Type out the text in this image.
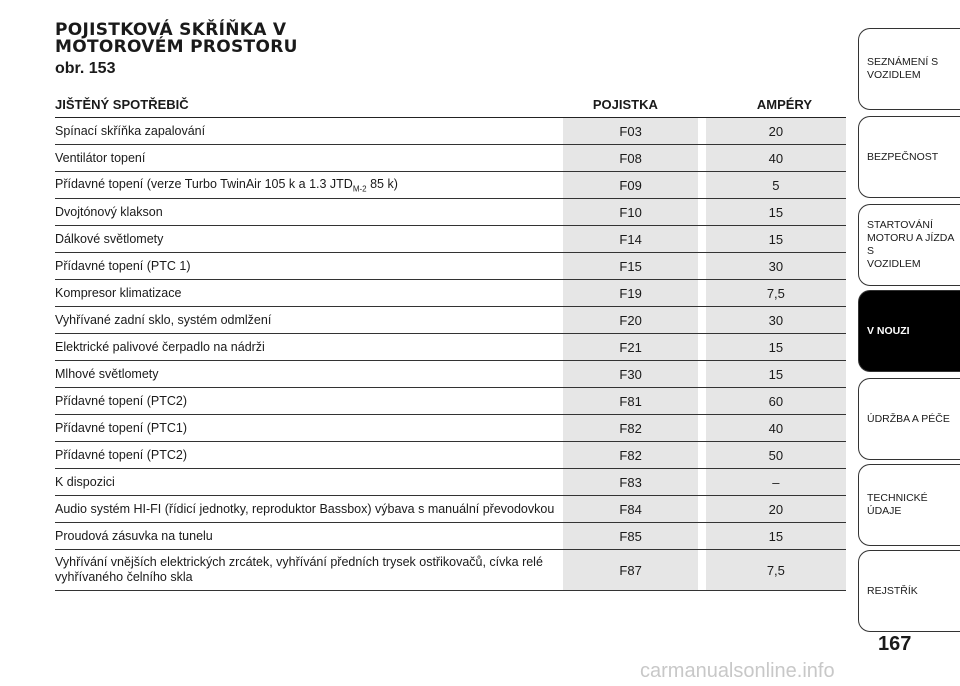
POJISTKOVÁ SKŘÍŇKA V
MOTOROVÉM PROSTORU
obr. 153
JIŠTĚNÝ SPOTŘEBIČ		POJISTKA		AMPÉRY
Spínací skříňka zapalování		F03		20
Ventilátor topení		F08		40
Přídavné topení (verze Turbo TwinAir 105 k a 1.3 $JTD_{M-2}$ 85 k)		F09		5
Dvojtónový klakson		F10		15
Dálkové světlomety		F14		15
Přídavné topení (PTC 1)		F15		30
Kompresor klimatizace		F19		7,5
Vyhřívané zadní sklo, systém odmlžení		F20		30
Elektrické palivové čerpadlo na nádrži		F21		15
Mlhové světlomety		F30		15
Přídavné topení (PTC2)		F81		60
Přídavné topení (PTC1)		F82		40
Přídavné topení (PTC2)		F82		50
K dispozici		F83		–
Audio systém HI-FI (řídicí jednotky, reproduktor Bassbox) výbava s manuální převodovkou		F84		20
Proudová zásuvka na tunelu		F85		15

Vyhřívání vnějších elektrických zrcátek, vyhřívání předních trysek ostřikovačů, cívka relé
vyhřívaného čelního skla		F87		7,5
SEZNÁMENÍ S
VOZIDLEM
BEZPEČNOST
STARTOVÁNÍ
MOTORU A JÍZDA S
VOZIDLEM
V NOUZI
ÚDRŽBA A PÉČE
TECHNICKÉ ÚDAJE
REJSTŘÍK
167
carmanualsonline.info
